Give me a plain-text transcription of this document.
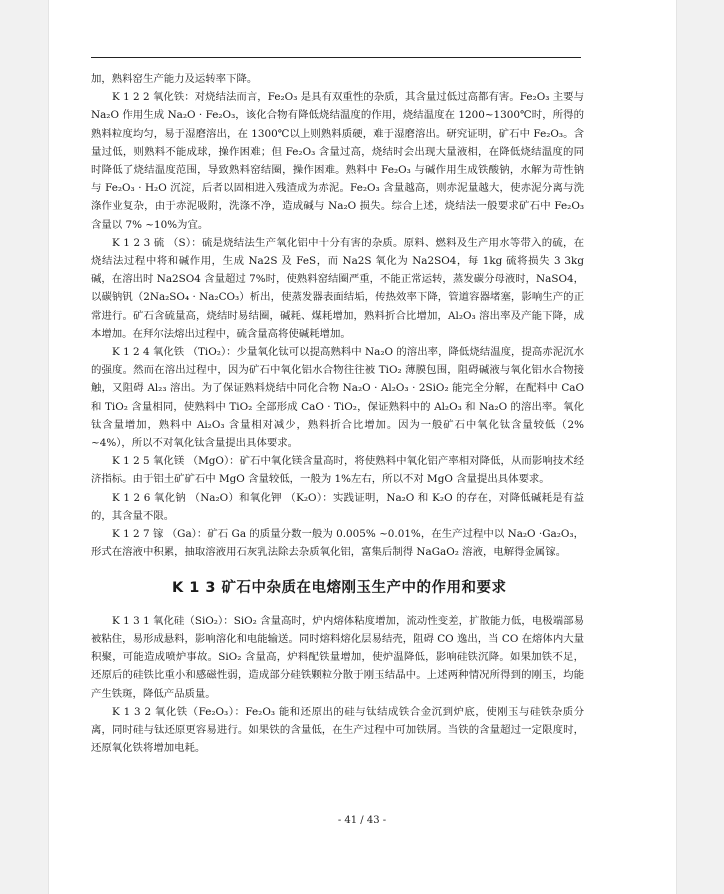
加，熟料窑生产能力及运转率下降。

K 1 2 2 氧化铁：对烧结法而言，Fe₂O₃ 是具有双重性的杂质，其含量过低过高都有害。Fe₂O₃ 主要与 Na₂O 作用生成 Na₂O · Fe₂O₃，该化合物有降低烧结温度的作用，烧结温度在 1200~1300℃时，所得的熟料粒度均匀，易于湿磨溶出，在 1300℃以上则熟料质硬，难于湿磨溶出。研究证明，矿石中 Fe₂O₃。含量过低，则熟料不能成球，操作困难；但 Fe₂O₃ 含量过高，烧结时会出现大量液相，在降低烧结温度的同时降低了烧结温度范围，导致熟料窑结圈，操作困难。熟料中 Fe₂O₃ 与碱作用生成铁酸钠，水解为苛性钠与 Fe₂O₃ · H₂O 沉淀，后者以固相进入残渣成为赤泥。Fe₂O₃ 含量越高，则赤泥量越大，使赤泥分离与洗涤作业复杂，由于赤泥吸附，洗涤不净，造成碱与 Na₂O 损失。综合上述，烧结法一般要求矿石中 Fe₂O₃ 含量以 7% ~10%为宜。

K 1 2 3 硫 （S）：硫是烧结法生产氧化铝中十分有害的杂质。原料、燃料及生产用水等带入的硫，在烧结法过程中将和碱作用，生成 Na2S 及 FeS，而 Na2S 氧化为 Na2SO4，每 1kg 硫将损失 3 3kg 碱，在溶出时 Na2SO4 含量超过 7%时，使熟料窑结圈严重，不能正常运转，蒸发碳分母液时，NaSO4，以碳钠钒（2Na₂SO₄ · Na₂CO₃）析出，使蒸发器表面结垢，传热效率下降，管道容器堵塞，影响生产的正常进行。矿石含硫量高，烧结时易结圈，碱耗、煤耗增加，熟料折合比增加，Al₂O₃ 溶出率及产能下降，成本增加。在拜尔法熔出过程中，硫含量高将使碱耗增加。

K 1 2 4 氧化铁 （TiO₂）：少量氧化钛可以提高熟料中 Na₂O 的溶出率，降低烧结温度，提高赤泥沉水的强度。然而在溶出过程中，因为矿石中氧化铝水合物往往被 TiO₂ 薄膜包围，阻碍碱液与氧化铝水合物接触，又阻碍 Al₂₃ 溶出。为了保证熟料烧结中同化合物 Na₂O · Al₂O₃ · 2SiO₂ 能完全分解，在配料中 CaO 和 TiO₂ 含量相同，使熟料中 TiO₂ 全部形成 CaO · TiO₂，保证熟料中的 Al₂O₃ 和 Na₂O 的溶出率。氧化钛含量增加，熟料中 Ai₂O₃ 含量相对减少，熟料折合比增加。因为一般矿石中氧化钛含量较低（2% ~4%），所以不对氧化钛含量提出具体要求。

K 1 2 5 氧化镁 （MgO）：矿石中氧化镁含量高时，将使熟料中氧化铝产率相对降低，从而影响技术经济指标。由于铝土矿矿石中 MgO 含量较低，一般为 1%左右，所以不对 MgO 含量提出具体要求。

K 1 2 6 氧化钠 （Na₂O）和氧化钾 （K₂O）：实践证明，Na₂O 和 K₂O 的存在，对降低碱耗是有益的，其含量不限。

K 1 2 7 镓 （Ga）：矿石 Ga 的质量分数一般为 0.005% ~0.01%，在生产过程中以 Na₂O ·Ga₂O₃，形式在溶液中积累，抽取溶液用石灰乳法除去杂质氧化铝，富集后制得 NaGaO₂ 溶液，电解得金属镓。

K 1 3 矿石中杂质在电熔刚玉生产中的作用和要求

K 1 3 1 氧化硅（SiO₂）：SiO₂ 含量高时，炉内熔体粘度增加，流动性变差，扩散能力低，电极端部易被粘住，易形成悬料，影响溶化和电能输送。同时熔料熔化层易结壳，阻碍 CO 逸出，当 CO 在熔体内大量积聚，可能造成喷炉事故。SiO₂ 含量高，炉料配铁量增加，使炉温降低，影响硅铁沉降。如果加铁不足，还原后的硅铁比重小和感磁性弱，造成部分硅铁颗粒分散于刚玉结晶中。上述两种情况所得到的刚玉，均能产生铁斑，降低产品质量。

K 1 3 2 氧化铁（Fe₂O₃）：Fe₂O₃ 能和还原出的硅与钛结成铁合金沉到炉底，使刚玉与硅铁杂质分离，同时硅与钛还原更容易进行。如果铁的含量低，在生产过程中可加铁屑。当铁的含量超过一定限度时，还原氧化铁将增加电耗。

- 41 / 43 -
